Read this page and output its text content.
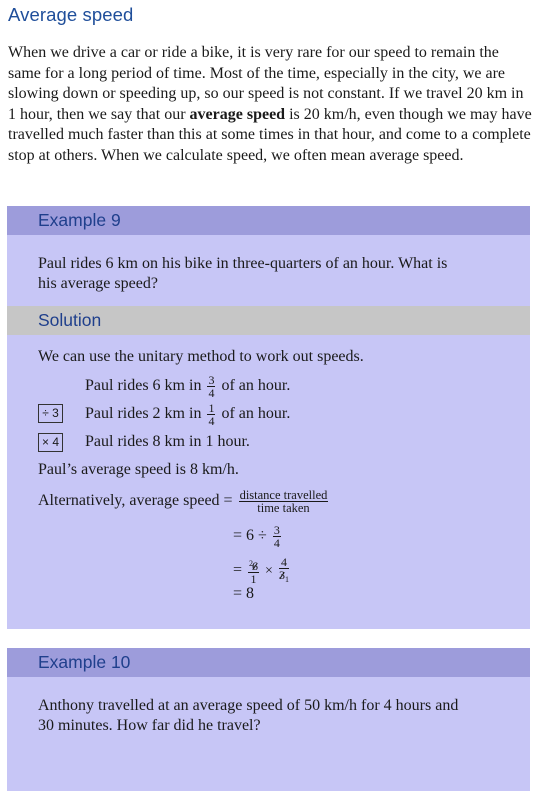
Average speed

When we drive a car or ride a bike, it is very rare for our speed to remain the same for a long period of time. Most of the time, especially in the city, we are slowing down or speeding up, so our speed is not constant. If we travel 20 km in 1 hour, then we say that our average speed is 20 km/h, even though we may have travelled much faster than this at some times in that hour, and come to a complete stop at others. When we calculate speed, we often mean average speed.

Example 9
Paul rides 6 km on his bike in three-quarters of an hour. What is
his average speed?
Solution
We can use the unitary method to work out speeds.
Paul rides 6 km in $\frac{3}{4}$ of an hour.
÷ 3 Paul rides 2 km in $\frac{1}{4}$ of an hour.
× 4 Paul rides 8 km in 1 hour.
Paul’s average speed is 8 km/h.
Alternatively, average speed = $\frac{\text{distance travelled}}{\text{time taken}}$
= $6 \div \frac{3}{4}$
= $\frac{^26}{1} \times \frac{4}{3_1}$
= 8
Example 10
Anthony travelled at an average speed of 50 km/h for 4 hours and
30 minutes. How far did he travel?
